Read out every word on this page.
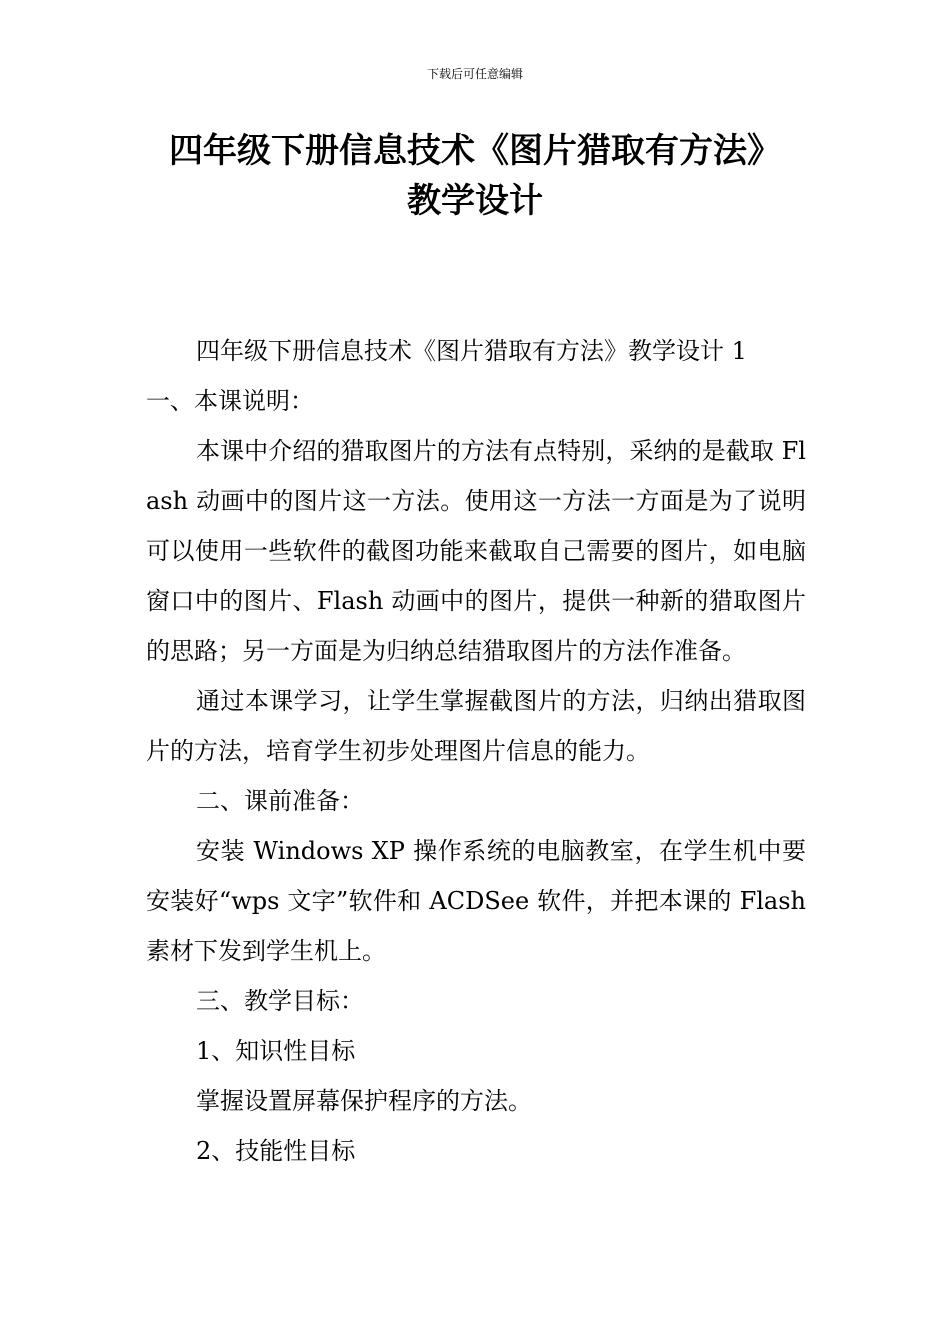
下载后可任意编辑
四年级下册信息技术《图片猎取有方法》
教学设计

四年级下册信息技术《图片猎取有方法》教学设计 1

一、本课说明：

本课中介绍的猎取图片的方法有点特别，采纳的是截取 Flash 动画中的图片这一方法。使用这一方法一方面是为了说明可以使用一些软件的截图功能来截取自己需要的图片，如电脑窗口中的图片、Flash 动画中的图片，提供一种新的猎取图片的思路；另一方面是为归纳总结猎取图片的方法作准备。

通过本课学习，让学生掌握截图片的方法，归纳出猎取图片的方法，培育学生初步处理图片信息的能力。

二、课前准备：

安装 Windows XP 操作系统的电脑教室，在学生机中要安装好“wps 文字”软件和 ACDSee 软件，并把本课的 Flash 素材下发到学生机上。

三、教学目标：

1、知识性目标

掌握设置屏幕保护程序的方法。

2、技能性目标
